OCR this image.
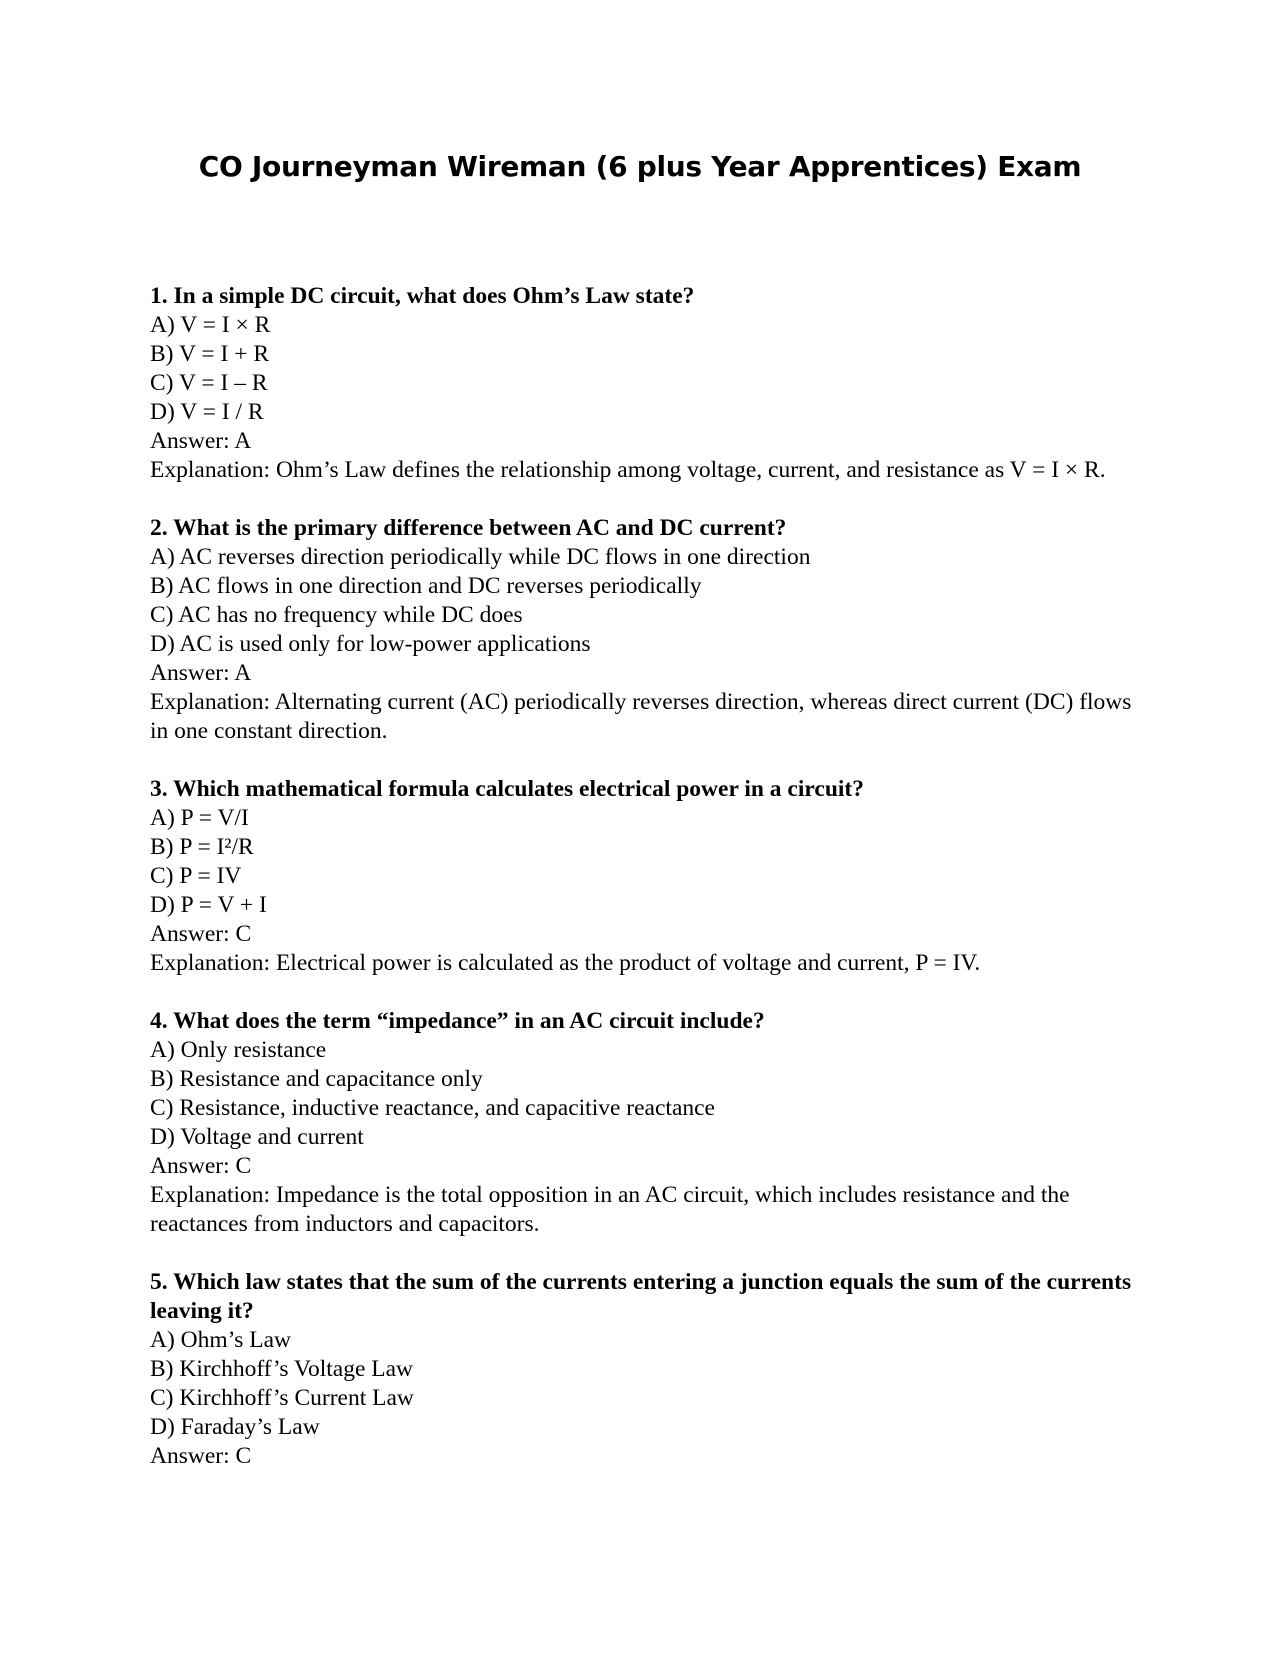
CO Journeyman Wireman (6 plus Year Apprentices) Exam

1. In a simple DC circuit, what does Ohm’s Law state?

A) V = I × R

B) V = I + R

C) V = I – R

D) V = I / R

Answer: A

Explanation: Ohm’s Law defines the relationship among voltage, current, and resistance as V = I × R.

2. What is the primary difference between AC and DC current?

A) AC reverses direction periodically while DC flows in one direction

B) AC flows in one direction and DC reverses periodically

C) AC has no frequency while DC does

D) AC is used only for low-power applications

Answer: A

Explanation: Alternating current (AC) periodically reverses direction, whereas direct current (DC) flows in one constant direction.

3. Which mathematical formula calculates electrical power in a circuit?

A) P = V/I

B) P = I²/R

C) P = IV

D) P = V + I

Answer: C

Explanation: Electrical power is calculated as the product of voltage and current, P = IV.

4. What does the term “impedance” in an AC circuit include?

A) Only resistance

B) Resistance and capacitance only

C) Resistance, inductive reactance, and capacitive reactance

D) Voltage and current

Answer: C

Explanation: Impedance is the total opposition in an AC circuit, which includes resistance and the reactances from inductors and capacitors.

5. Which law states that the sum of the currents entering a junction equals the sum of the currents leaving it?

A) Ohm’s Law

B) Kirchhoff’s Voltage Law

C) Kirchhoff’s Current Law

D) Faraday’s Law

Answer: C
